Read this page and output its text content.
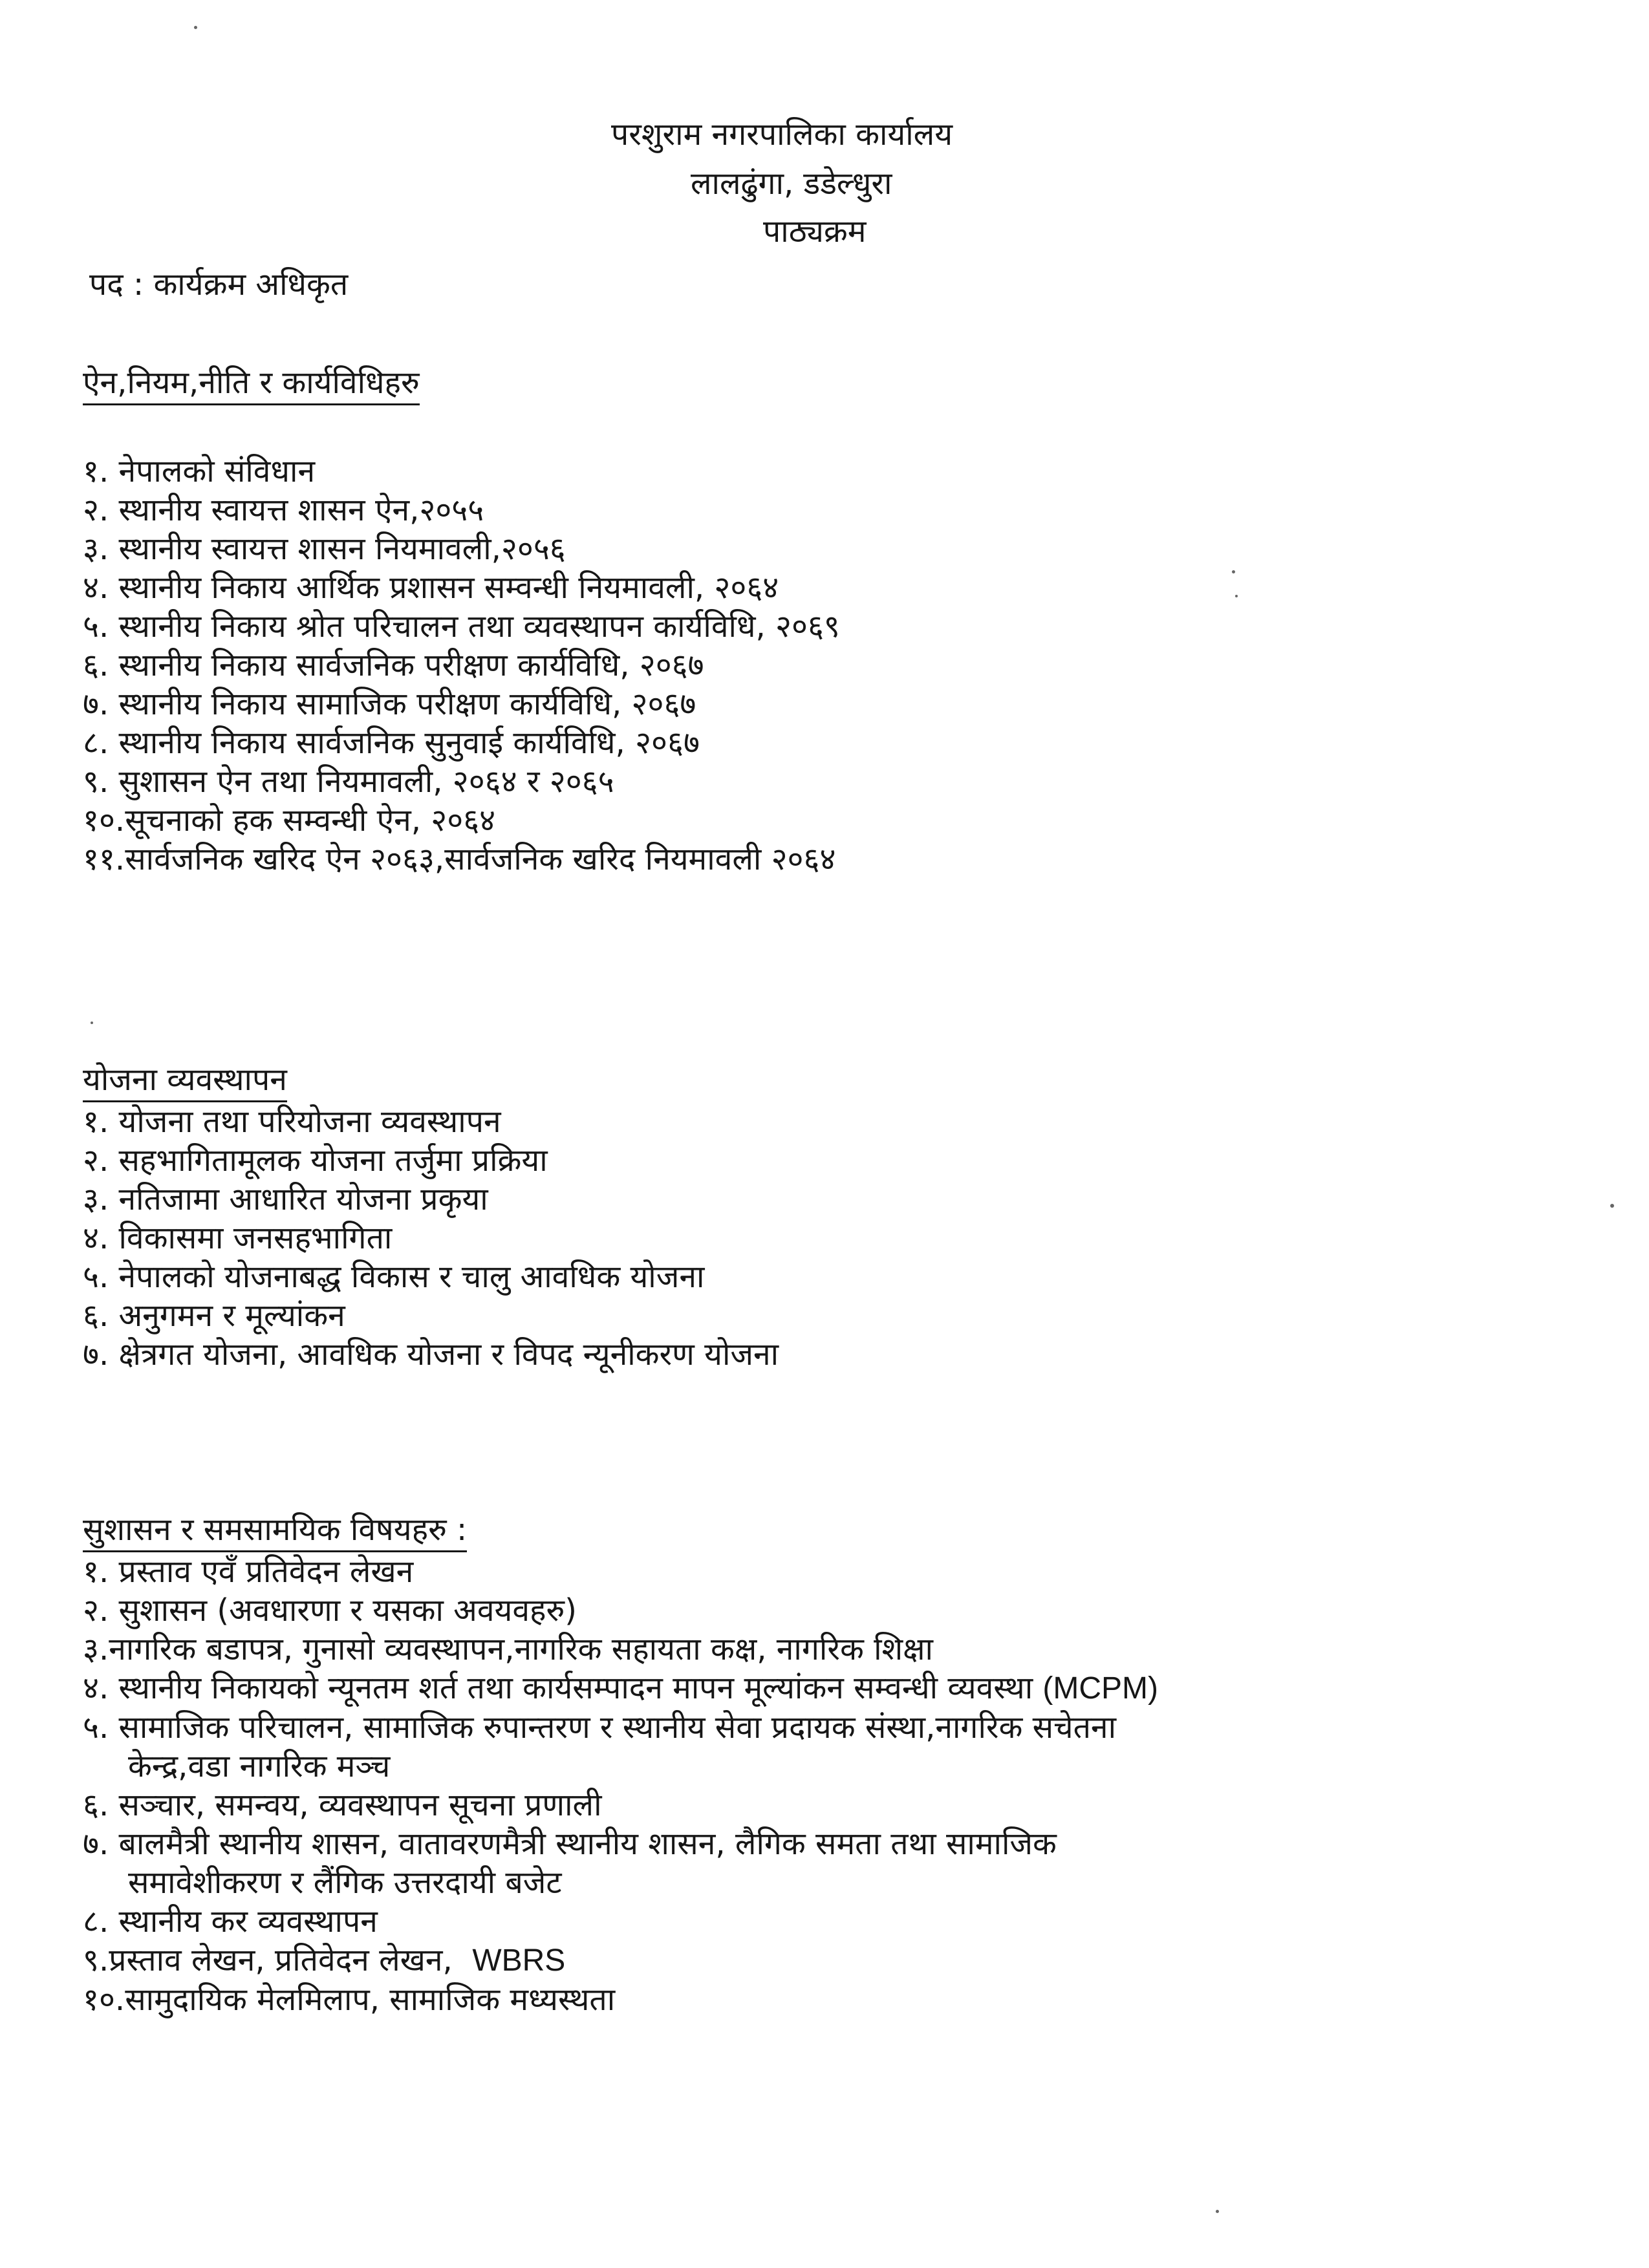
परशुराम नगरपालिका कार्यालय
लालढुंगा, डडेल्धुरा
पाठ्यक्रम
पद : कार्यक्रम अधिकृत
ऐन,नियम,नीति र कार्यविधिहरु
१. नेपालको संविधान
२. स्थानीय स्वायत्त शासन ऐन,२०५५
३. स्थानीय स्वायत्त शासन नियमावली,२०५६
४. स्थानीय निकाय आर्थिक प्रशासन सम्वन्धी नियमावली, २०६४
५. स्थानीय निकाय श्रोत परिचालन तथा व्यवस्थापन कार्यविधि, २०६९
६. स्थानीय निकाय सार्वजनिक परीक्षण कार्यविधि, २०६७
७. स्थानीय निकाय सामाजिक परीक्षण कार्यविधि, २०६७
८. स्थानीय निकाय सार्वजनिक सुनुवाई कार्यविधि, २०६७
९. सुशासन ऐन तथा नियमावली, २०६४ र २०६५
१०.सूचनाको हक सम्वन्धी ऐन, २०६४
११.सार्वजनिक खरिद ऐन २०६३,सार्वजनिक खरिद नियमावली २०६४
योजना व्यवस्थापन
१. योजना तथा परियोजना व्यवस्थापन
२. सहभागितामूलक योजना तर्जुमा प्रक्रिया
३. नतिजामा आधारित योजना प्रकृया
४. विकासमा जनसहभागिता
५. नेपालको योजनाबद्ध विकास र चालु आवधिक योजना
६. अनुगमन र मूल्यांकन
७. क्षेत्रगत योजना, आवधिक योजना र विपद न्यूनीकरण योजना
सुशासन र समसामयिक विषयहरु :
१. प्रस्ताव एवँ प्रतिवेदन लेखन
२. सुशासन (अवधारणा र यसका अवयवहरु)
३.नागरिक बडापत्र, गुनासो व्यवस्थापन,नागरिक सहायता कक्ष, नागरिक शिक्षा
४. स्थानीय निकायको न्यूनतम शर्त तथा कार्यसम्पादन मापन मूल्यांकन सम्वन्धी व्यवस्था (MCPM)
५. सामाजिक परिचालन, सामाजिक रुपान्तरण र स्थानीय सेवा प्रदायक संस्था,नागरिक सचेतना
केन्द्र,वडा नागरिक मञ्च
६. सञ्चार, समन्वय, व्यवस्थापन सूचना प्रणाली
७. बालमैत्री स्थानीय शासन, वातावरणमैत्री स्थानीय शासन, लैगिक समता तथा सामाजिक
समावेशीकरण र लैंगिक उत्तरदायी बजेट
८. स्थानीय कर व्यवस्थापन
९.प्रस्ताव लेखन, प्रतिवेदन लेखन, WBRS
१०.सामुदायिक मेलमिलाप, सामाजिक मध्यस्थता
